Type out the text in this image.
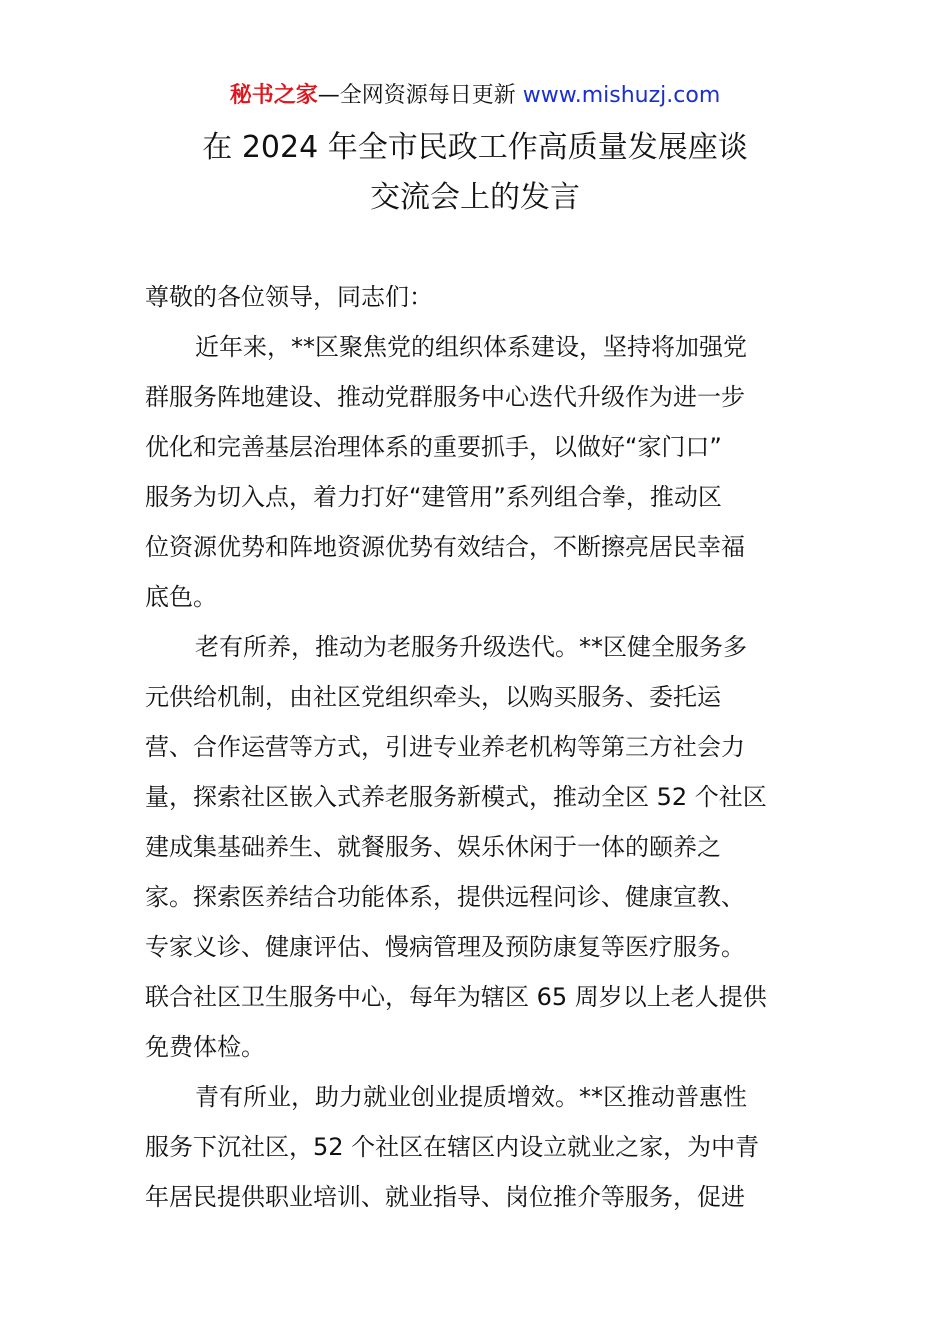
秘书之家—全网资源每日更新 www.mishuzj.com
在 2024 年全市民政工作高质量发展座谈
交流会上的发言
尊敬的各位领导，同志们：
近年来，**区聚焦党的组织体系建设，坚持将加强党
群服务阵地建设、推动党群服务中心迭代升级作为进一步
优化和完善基层治理体系的重要抓手，以做好“家门口”
服务为切入点，着力打好“建管用”系列组合拳，推动区
位资源优势和阵地资源优势有效结合，不断擦亮居民幸福
底色。
老有所养，推动为老服务升级迭代。**区健全服务多
元供给机制，由社区党组织牵头，以购买服务、委托运
营、合作运营等方式，引进专业养老机构等第三方社会力
量，探索社区嵌入式养老服务新模式，推动全区 52 个社区
建成集基础养生、就餐服务、娱乐休闲于一体的颐养之
家。探索医养结合功能体系，提供远程问诊、健康宣教、
专家义诊、健康评估、慢病管理及预防康复等医疗服务。
联合社区卫生服务中心，每年为辖区 65 周岁以上老人提供
免费体检。
青有所业，助力就业创业提质增效。**区推动普惠性
服务下沉社区，52 个社区在辖区内设立就业之家，为中青
年居民提供职业培训、就业指导、岗位推介等服务，促进
